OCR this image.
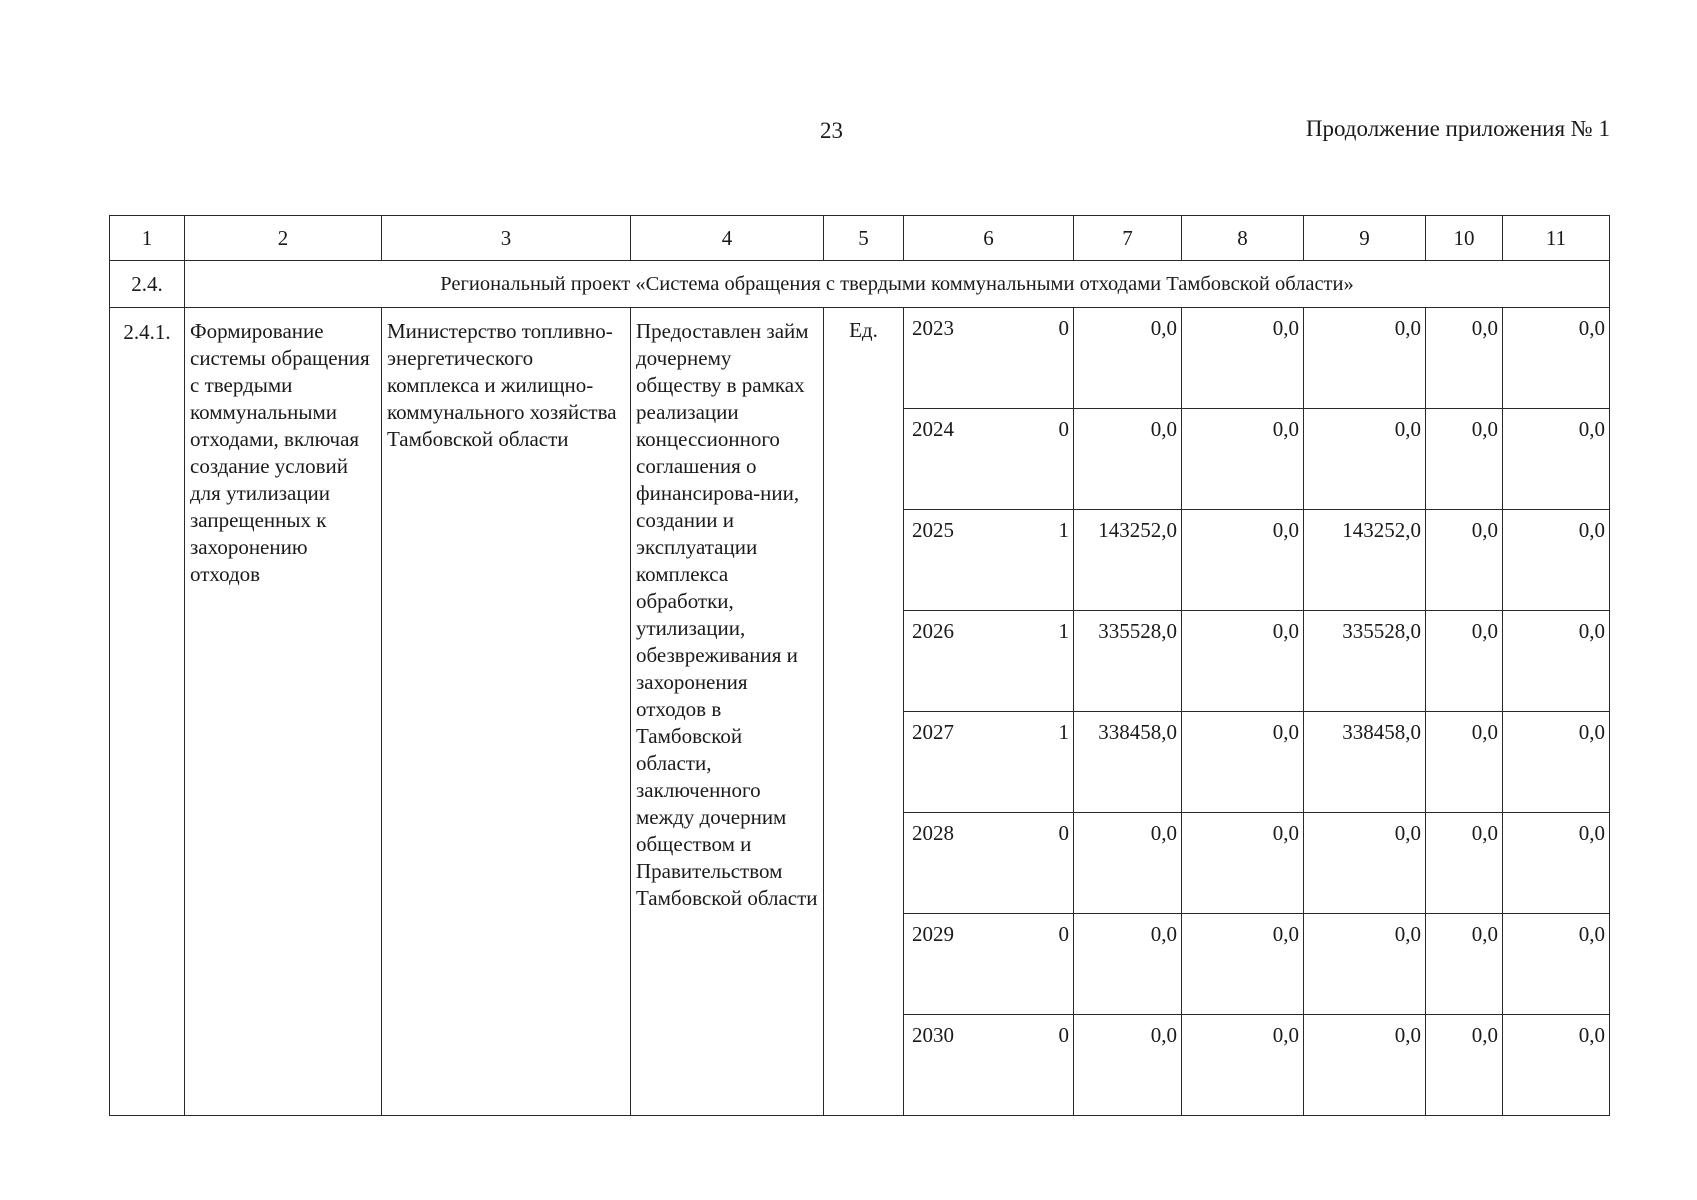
23	Продолжение приложения № 1
1	2	3	4	5	6		7	8	9	10	11
2.4.	Региональный проект «Система обращения с твердыми коммунальными отходами Тамбовской области»										
2.4.1.	Формирование системы обращения с твердыми коммунальными отходами, включая создание условий для утилизации запрещенных к захоронению отходов	Министерство топливно-энергетического комплекса и жилищно-коммунального хозяйства Тамбовской области	Предоставлен займ дочернему обществу в рамках реализации концессионного соглашения о финансирова-нии, создании и эксплуатации комплекса обработки, утилизации, обезвреживания и захоронения отходов в Тамбовской области, заключенного между дочерним обществом и Правительством Тамбовской области	Ед.	2023	0	0,0	0,0	0,0	0,0	0,0
					2024	0	0,0	0,0	0,0	0,0	0,0
					2025	1	143252,0	0,0	143252,0	0,0	0,0
					2026	1	335528,0	0,0	335528,0	0,0	0,0
					2027	1	338458,0	0,0	338458,0	0,0	0,0
					2028	0	0,0	0,0	0,0	0,0	0,0
					2029	0	0,0	0,0	0,0	0,0	0,0
					2030	0	0,0	0,0	0,0	0,0	0,0
